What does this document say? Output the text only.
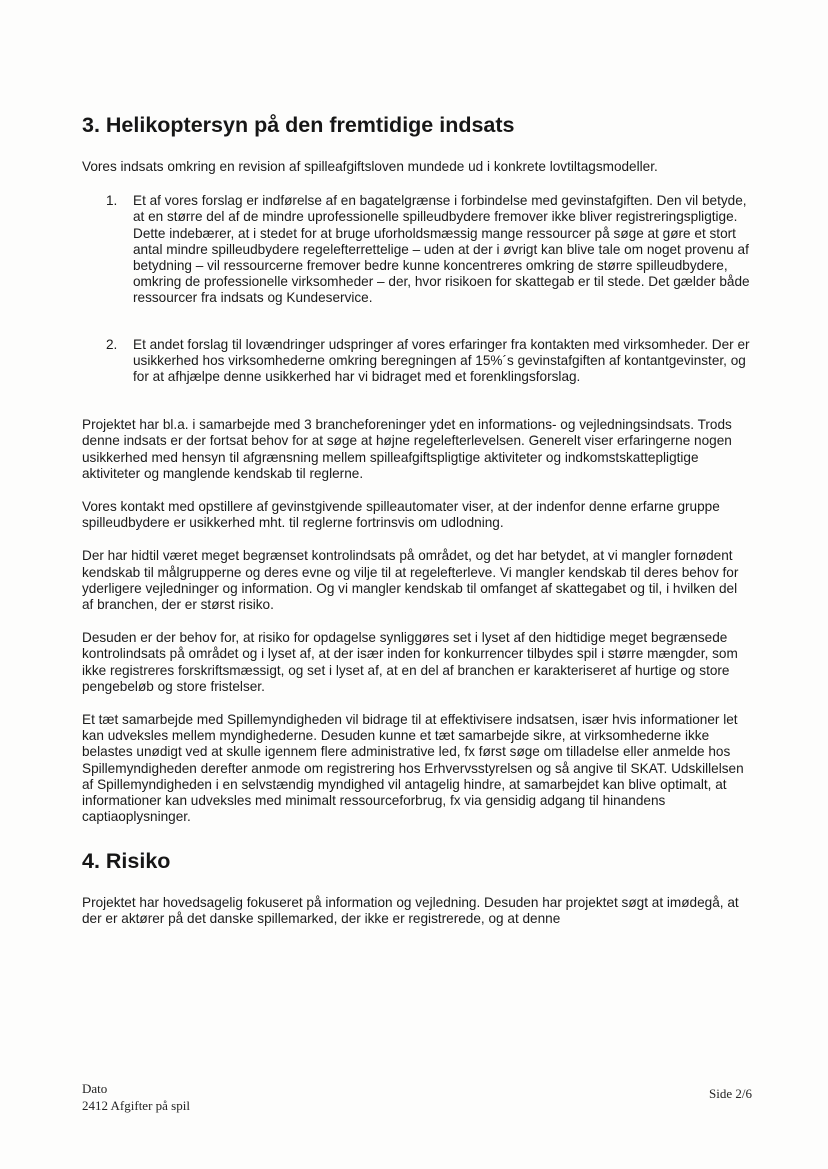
3. Helikoptersyn på den fremtidige indsats

Vores indsats omkring en revision af spilleafgiftsloven mundede ud i konkrete lovtiltagsmodeller.

1. Et af vores forslag er indførelse af en bagatelgrænse i forbindelse med gevinstafgiften. Den vil betyde, at en større del af de mindre uprofessionelle spilleudbydere fremover ikke bliver registreringspligtige. Dette indebærer, at i stedet for at bruge uforholdsmæssig mange ressourcer på søge at gøre et stort antal mindre spilleudbydere regelefterrettelige – uden at der i øvrigt kan blive tale om noget provenu af betydning – vil ressourcerne fremover bedre kunne koncentreres omkring de større spilleudbydere, omkring de professionelle virksomheder – der, hvor risikoen for skattegab er til stede. Det gælder både ressourcer fra indsats og Kundeservice.
2. Et andet forslag til lovændringer udspringer af vores erfaringer fra kontakten med virksomheder. Der er usikkerhed hos virksomhederne omkring beregningen af 15%´s gevinstafgiften af kontantgevinster, og for at afhjælpe denne usikkerhed har vi bidraget med et forenklingsforslag.

Projektet har bl.a. i samarbejde med 3 brancheforeninger ydet en informations- og vejledningsindsats. Trods denne indsats er der fortsat behov for at søge at højne regelefterlevelsen. Generelt viser erfaringerne nogen usikkerhed med hensyn til afgrænsning mellem spilleafgiftspligtige aktiviteter og indkomstskattepligtige aktiviteter og manglende kendskab til reglerne.

Vores kontakt med opstillere af gevinstgivende spilleautomater viser, at der indenfor denne erfarne gruppe spilleudbydere er usikkerhed mht. til reglerne fortrinsvis om udlodning.

Der har hidtil været meget begrænset kontrolindsats på området, og det har betydet, at vi mangler fornødent kendskab til målgrupperne og deres evne og vilje til at regelefterleve. Vi mangler kendskab til deres behov for yderligere vejledninger og information. Og vi mangler kendskab til omfanget af skattegabet og til, i hvilken del af branchen, der er størst risiko.

Desuden er der behov for, at risiko for opdagelse synliggøres set i lyset af den hidtidige meget begrænsede kontrolindsats på området og i lyset af, at der især inden for konkurrencer tilbydes spil i større mængder, som ikke registreres forskriftsmæssigt, og set i lyset af, at en del af branchen er karakteriseret af hurtige og store pengebeløb og store fristelser.

Et tæt samarbejde med Spillemyndigheden vil bidrage til at effektivisere indsatsen, især hvis informationer let kan udveksles mellem myndighederne. Desuden kunne et tæt samarbejde sikre, at virksomhederne ikke belastes unødigt ved at skulle igennem flere administrative led, fx først søge om tilladelse eller anmelde hos Spillemyndigheden derefter anmode om registrering hos Erhvervsstyrelsen og så angive til SKAT. Udskillelsen af Spillemyndigheden i en selvstændig myndighed vil antagelig hindre, at samarbejdet kan blive optimalt, at informationer kan udveksles med minimalt ressourceforbrug, fx via gensidig adgang til hinandens captiaoplysninger.

4. Risiko

Projektet har hovedsagelig fokuseret på information og vejledning. Desuden har projektet søgt at imødegå, at der er aktører på det danske spillemarked, der ikke er registrerede, og at denne

Dato
2412 Afgifter på spil
Side 2/6
